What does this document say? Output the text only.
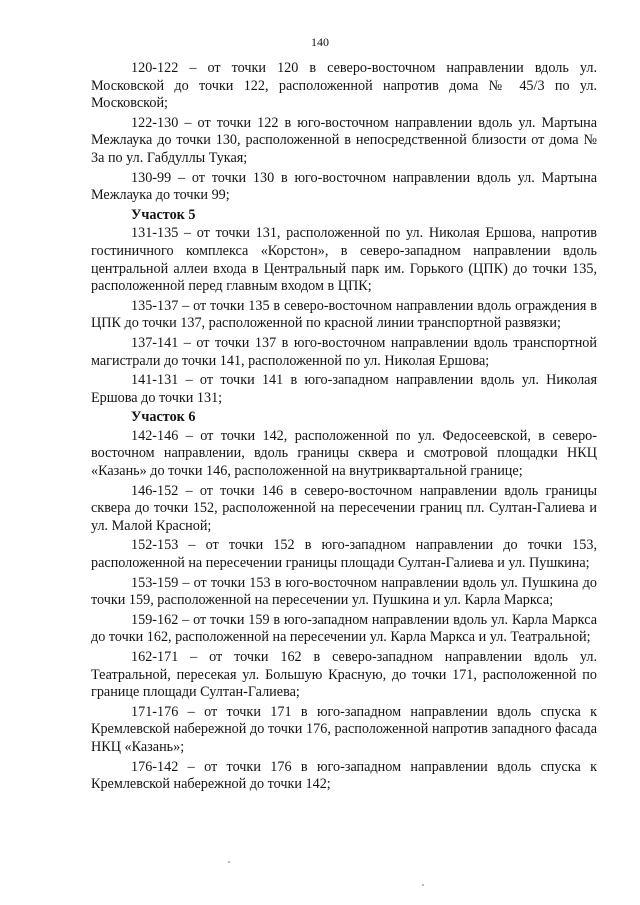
140

120-122 – от точки 120 в северо-восточном направлении вдоль ул. Московской до точки 122, расположенной напротив дома № 45/3 по ул. Московской;

122-130 – от точки 122 в юго-восточном направлении вдоль ул. Мартына Межлаука до точки 130, расположенной в непосредственной близости от дома № 3а по ул. Габдуллы Тукая;

130-99 – от точки 130 в юго-восточном направлении вдоль ул. Мартына Межлаука до точки 99;

Участок 5

131-135 – от точки 131, расположенной по ул. Николая Ершова, напротив гостиничного комплекса «Корстон», в северо-западном направлении вдоль центральной аллеи входа в Центральный парк им. Горького (ЦПК) до точки 135, расположенной перед главным входом в ЦПК;

135-137 – от точки 135 в северо-восточном направлении вдоль ограждения в ЦПК до точки 137, расположенной по красной линии транспортной развязки;

137-141 – от точки 137 в юго-восточном направлении вдоль транспортной магистрали до точки 141, расположенной по ул. Николая Ершова;

141-131 – от точки 141 в юго-западном направлении вдоль ул. Николая Ершова до точки 131;

Участок 6

142-146 – от точки 142, расположенной по ул. Федосеевской, в северо-восточном направлении, вдоль границы сквера и смотровой площадки НКЦ «Казань» до точки 146, расположенной на внутриквартальной границе;

146-152 – от точки 146 в северо-восточном направлении вдоль границы сквера до точки 152, расположенной на пересечении границ пл. Султан-Галиева и ул. Малой Красной;

152-153 – от точки 152 в юго-западном направлении до точки 153, расположенной на пересечении границы площади Султан-Галиева и ул. Пушкина;

153-159 – от точки 153 в юго-восточном направлении вдоль ул. Пушкина до точки 159, расположенной на пересечении ул. Пушкина и ул. Карла Маркса;

159-162 – от точки 159 в юго-западном направлении вдоль ул. Карла Маркса до точки 162, расположенной на пересечении ул. Карла Маркса и ул. Театральной;

162-171 – от точки 162 в северо-западном направлении вдоль ул. Театральной, пересекая ул. Большую Красную, до точки 171, расположенной по границе площади Султан-Галиева;

171-176 – от точки 171 в юго-западном направлении вдоль спуска к Кремлевской набережной до точки 176, расположенной напротив западного фасада НКЦ «Казань»;

176-142 – от точки 176 в юго-западном направлении вдоль спуска к Кремлевской набережной до точки 142;
